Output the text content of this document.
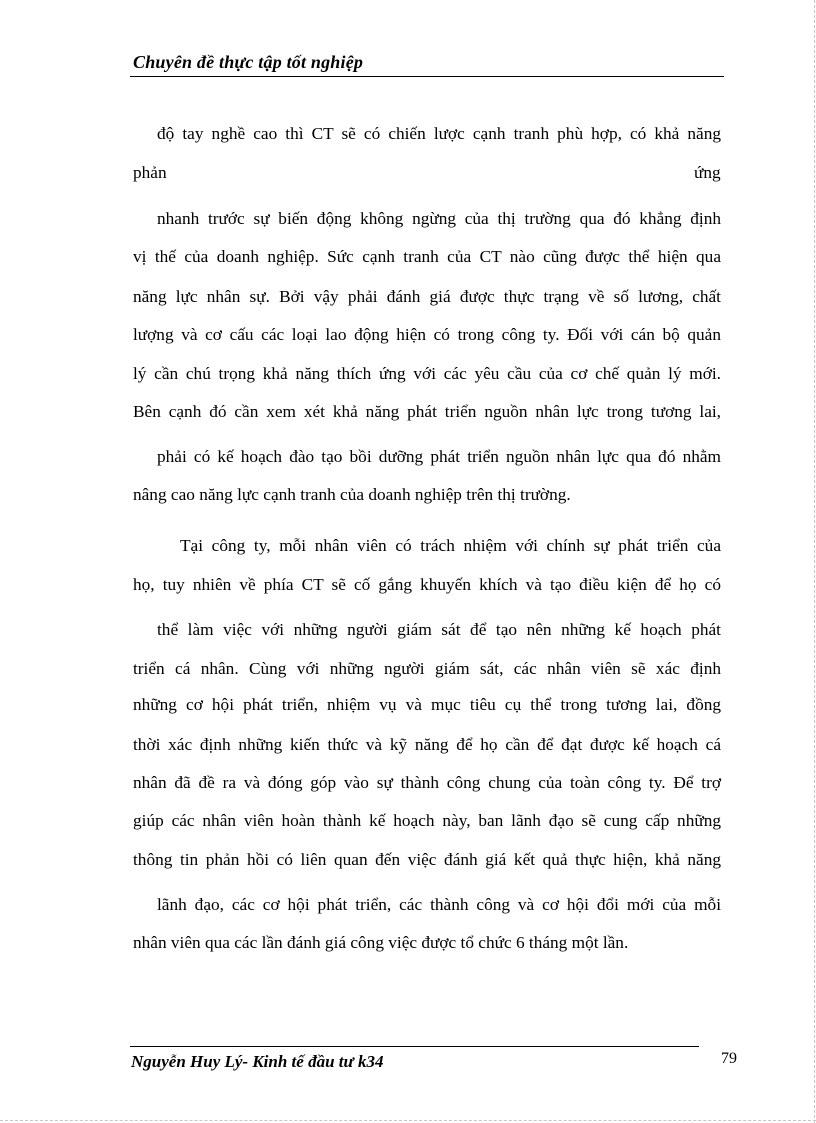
Chuyên đề thực tập tốt nghiệp
độ tay nghề cao thì CT sẽ có chiến lược cạnh tranh phù hợp, có khả năng
phản	ứng
nhanh trước sự biến động không ngừng của thị trường qua đó khẳng định
vị thế của doanh nghiệp. Sức cạnh tranh của CT nào cũng được thể hiện qua
năng lực nhân sự. Bởi vậy phải đánh giá được thực trạng về số lương, chất
lượng và cơ cấu các loại lao động hiện có trong công ty. Đối với cán bộ quản
lý cần chú trọng khả năng thích ứng với các yêu cầu của cơ chế quản lý mới.
Bên cạnh đó cần xem xét khả năng phát triển nguồn nhân lực trong tương lai,
phải có kế hoạch đào tạo bồi dưỡng phát triển nguồn nhân lực qua đó nhằm
nâng cao năng lực cạnh tranh của doanh nghiệp trên thị trường.
Tại công ty, mỗi nhân viên có trách nhiệm với chính sự phát triển của
họ, tuy nhiên về phía CT sẽ cố gắng khuyến khích và tạo điều kiện để họ có
thể làm việc với những người giám sát để tạo nên những kế hoạch phát
triển cá nhân. Cùng với những người giám sát, các nhân viên sẽ xác định
những cơ hội phát triển, nhiệm vụ và mục tiêu cụ thể trong tương lai, đồng
thời xác định những kiến thức và kỹ năng để họ cần để đạt được kế hoạch cá
nhân đã đề ra và đóng góp vào sự thành công chung của toàn công ty. Để trợ
giúp các nhân viên hoàn thành kế hoạch này, ban lãnh đạo sẽ cung cấp những
thông tin phản hồi có liên quan đến việc đánh giá kết quả thực hiện, khả năng
lãnh đạo, các cơ hội phát triển, các thành công và cơ hội đổi mới của mỗi
nhân viên qua các lần đánh giá công việc được tổ chức 6 tháng một lần.
Nguyễn Huy Lý- Kinh tế đầu tư k34	79
